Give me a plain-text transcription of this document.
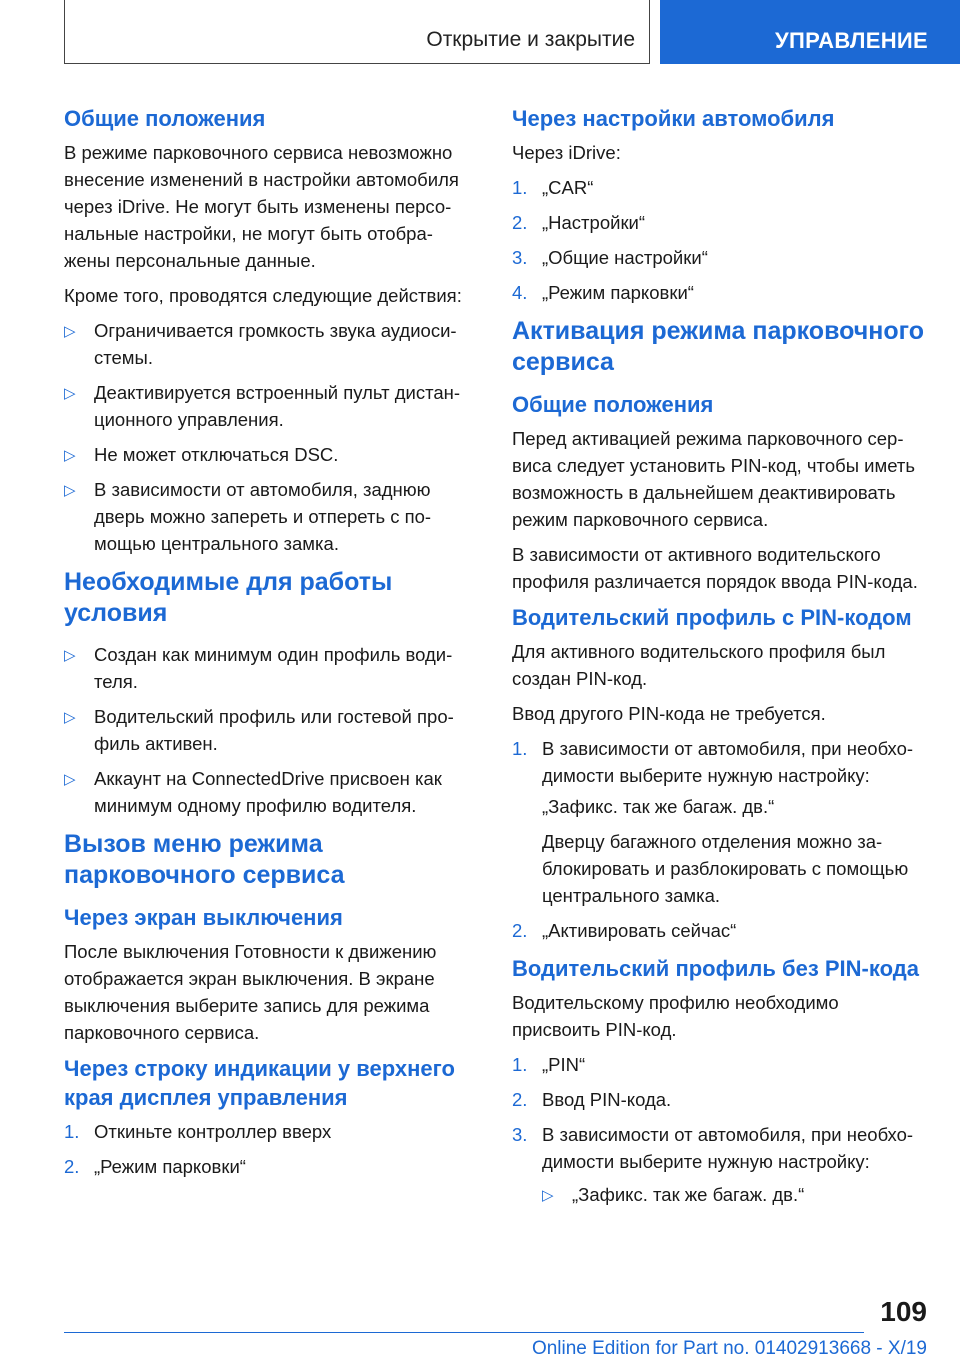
Открытие и закрытие	УПРАВЛЕНИЕ
Общие положения

В режиме парковочного сервиса невозможно внесение изменений в настройки автомобиля через iDrive. Не могут быть изменены персо-нальные настройки, не могут быть отобра-жены персональные данные.

Кроме того, проводятся следующие действия:

▷ Ограничивается громкость звука аудиоси-стемы.
▷ Деактивируется встроенный пульт дистан-ционного управления.
▷ Не может отключаться DSC.
▷ В зависимости от автомобиля, заднюю дверь можно запереть и отпереть с по-мощью центрального замка.
Необходимые для работы условия
▷ Создан как минимум один профиль води-теля.
▷ Водительский профиль или гостевой про-филь активен.
▷ Аккаунт на ConnectedDrive присвоен как минимум одному профилю водителя.
Вызов меню режима парковочного сервиса
Через экран выключения

После выключения Готовности к движению отображается экран выключения. В экране выключения выберите запись для режима парковочного сервиса.

Через строку индикации у верхнего края дисплея управления
1. Откиньте контроллер вверх
2. „Режим парковки“
Через настройки автомобиля

Через iDrive:

1. „CAR“
2. „Настройки“
3. „Общие настройки“
4. „Режим парковки“
Активация режима парковочного сервиса
Общие положения

Перед активацией режима парковочного сер-виса следует установить PIN-код, чтобы иметь возможность в дальнейшем деактивировать режим парковочного сервиса.

В зависимости от активного водительского профиля различается порядок ввода PIN-кода.

Водительский профиль с PIN-кодом

Для активного водительского профиля был создан PIN-код.

Ввод другого PIN-кода не требуется.

1. В зависимости от автомобиля, при необхо-димости выберите нужную настройку:

„Зафикс. так же багаж. дв.“

Дверцу багажного отделения можно за-блокировать и разблокировать с помощью центрального замка.

2. „Активировать сейчас“
Водительский профиль без PIN-кода

Водительскому профилю необходимо присвоить PIN-код.

1. „PIN“
2. Ввод PIN-кода.
3. В зависимости от автомобиля, при необхо-димости выберите нужную настройку:
▷ „Зафикс. так же багаж. дв.“
109
Online Edition for Part no. 01402913668 - X/19
